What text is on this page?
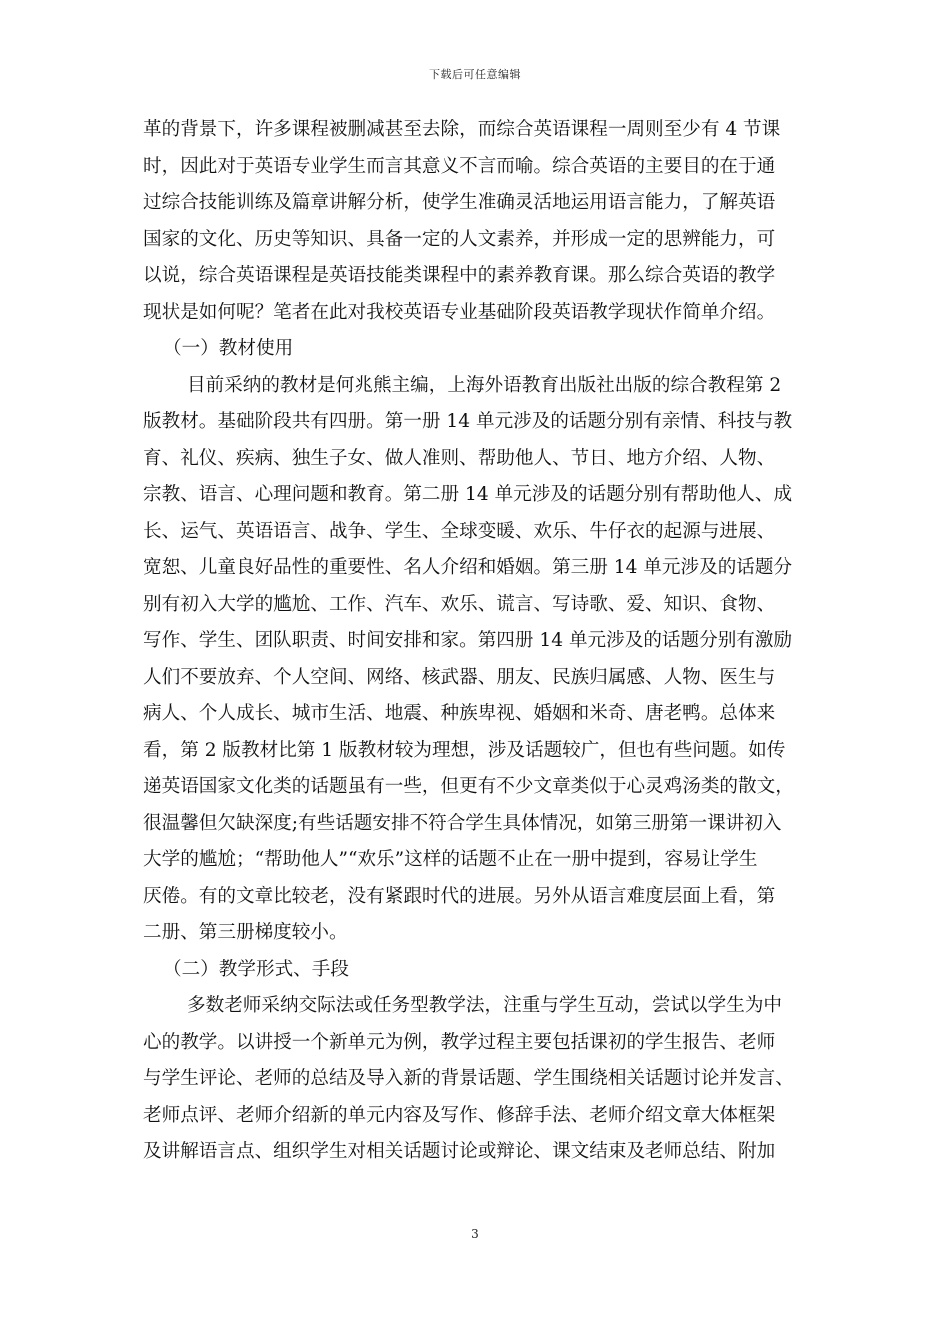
下载后可任意编辑
革的背景下，许多课程被删减甚至去除，而综合英语课程一周则至少有 4 节课
时，因此对于英语专业学生而言其意义不言而喻。综合英语的主要目的在于通
过综合技能训练及篇章讲解分析，使学生准确灵活地运用语言能力，了解英语
国家的文化、历史等知识、具备一定的人文素养，并形成一定的思辨能力，可
以说，综合英语课程是英语技能类课程中的素养教育课。那么综合英语的教学
现状是如何呢？笔者在此对我校英语专业基础阶段英语教学现状作简单介绍。
（一）教材使用
目前采纳的教材是何兆熊主编，上海外语教育出版社出版的综合教程第 2
版教材。基础阶段共有四册。第一册 14 单元涉及的话题分别有亲情、科技与教
育、礼仪、疾病、独生子女、做人准则、帮助他人、节日、地方介绍、人物、
宗教、语言、心理问题和教育。第二册 14 单元涉及的话题分别有帮助他人、成
长、运气、英语语言、战争、学生、全球变暖、欢乐、牛仔衣的起源与进展、
宽恕、儿童良好品性的重要性、名人介绍和婚姻。第三册 14 单元涉及的话题分
别有初入大学的尴尬、工作、汽车、欢乐、谎言、写诗歌、爱、知识、食物、
写作、学生、团队职责、时间安排和家。第四册 14 单元涉及的话题分别有激励
人们不要放弃、个人空间、网络、核武器、朋友、民族归属感、人物、医生与
病人、个人成长、城市生活、地震、种族卑视、婚姻和米奇、唐老鸭。总体来
看，第 2 版教材比第 1 版教材较为理想，涉及话题较广，但也有些问题。如传
递英语国家文化类的话题虽有一些，但更有不少文章类似于心灵鸡汤类的散文，
很温馨但欠缺深度;有些话题安排不符合学生具体情况，如第三册第一课讲初入
大学的尴尬；“帮助他人”“欢乐”这样的话题不止在一册中提到，容易让学生
厌倦。有的文章比较老，没有紧跟时代的进展。另外从语言难度层面上看，第
二册、第三册梯度较小。
（二）教学形式、手段
多数老师采纳交际法或任务型教学法，注重与学生互动，尝试以学生为中
心的教学。以讲授一个新单元为例，教学过程主要包括课初的学生报告、老师
与学生评论、老师的总结及导入新的背景话题、学生围绕相关话题讨论并发言、
老师点评、老师介绍新的单元内容及写作、修辞手法、老师介绍文章大体框架
及讲解语言点、组织学生对相关话题讨论或辩论、课文结束及老师总结、附加
3
